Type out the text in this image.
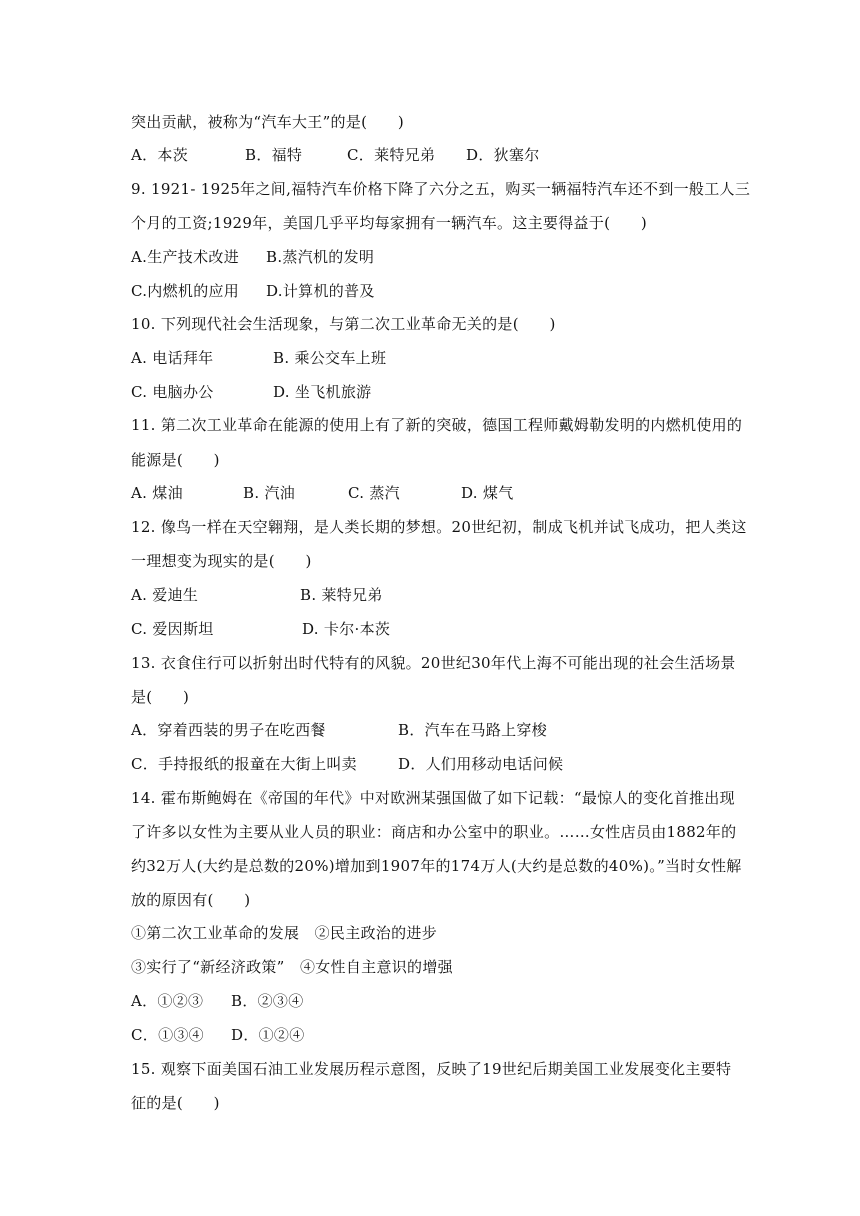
突出贡献，被称为“汽车大王”的是(　　)
A．本茨	B．福特	C．莱特兄弟 D．狄塞尔
9. 1921- 1925年之间,福特汽车价格下降了六分之五，购买一辆福特汽车还不到一般工人三
个月的工资;1929年，美国几乎平均每家拥有一辆汽车。这主要得益于(　　)
A.生产技术改进 B.蒸汽机的发明
C.内燃机的应用 D.计算机的普及
10. 下列现代社会生活现象，与第二次工业革命无关的是(　　)
A. 电话拜年	B. 乘公交车上班
C. 电脑办公	D. 坐飞机旅游
11. 第二次工业革命在能源的使用上有了新的突破，德国工程师戴姆勒发明的内燃机使用的
能源是(　　)
A. 煤油	B. 汽油	C. 蒸汽	D. 煤气
12. 像鸟一样在天空翱翔，是人类长期的梦想。20世纪初，制成飞机并试飞成功，把人类这
一理想变为现实的是(　　)
A. 爱迪生	B. 莱特兄弟
C. 爱因斯坦	D. 卡尔·本茨
13. 衣食住行可以折射出时代特有的风貌。20世纪30年代上海不可能出现的社会生活场景
是(　　)
A．穿着西装的男子在吃西餐	B．汽车在马路上穿梭
C．手持报纸的报童在大街上叫卖	D．人们用移动电话问候
14. 霍布斯鲍姆在《帝国的年代》中对欧洲某强国做了如下记载：“最惊人的变化首推出现
了许多以女性为主要从业人员的职业：商店和办公室中的职业。……女性店员由1882年的
约32万人(大约是总数的20%)增加到1907年的174万人(大约是总数的40%)。”当时女性解
放的原因有(　　)
①第二次工业革命的发展　②民主政治的进步
③实行了“新经济政策”　④女性自主意识的增强
A．①②③ B．②③④
C．①③④ D．①②④
15. 观察下面美国石油工业发展历程示意图，反映了19世纪后期美国工业发展变化主要特
征的是(　　)
